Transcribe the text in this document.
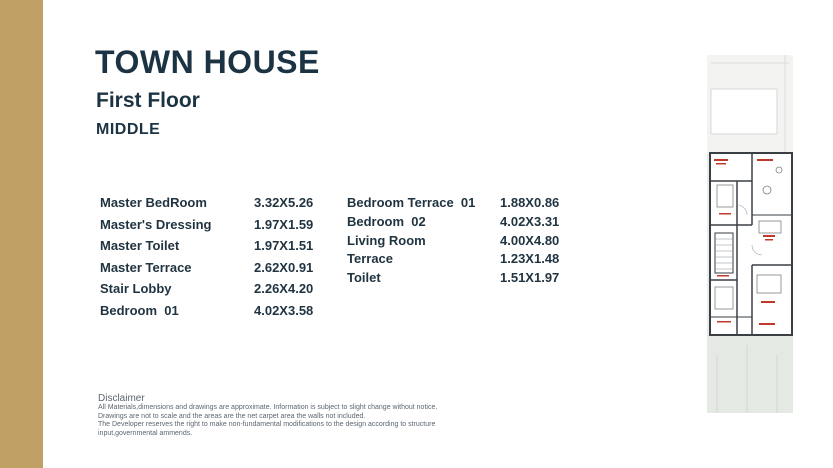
TOWN HOUSE
First Floor
MIDDLE
Master BedRoom	3.32X5.26
Master's Dressing	1.97X1.59
Master Toilet	1.97X1.51
Master Terrace	2.62X0.91
Stair Lobby	2.26X4.20
Bedroom  01	4.02X3.58
Bedroom Terrace  01 1.88X0.86
Bedroom  02	4.02X3.31
Living Room	4.00X4.80
Terrace	1.23X1.48
Toilet	1.51X1.97
Disclaimer
All Materials,dimensions and drawings are approximate. Information is subject to slight change without notice.
Drawings are not to scale and the areas are the net carpet area the walls not included.
The Developer reserves the right to make non-fundamental modifications to the design according to structure
input,governmental ammends.
